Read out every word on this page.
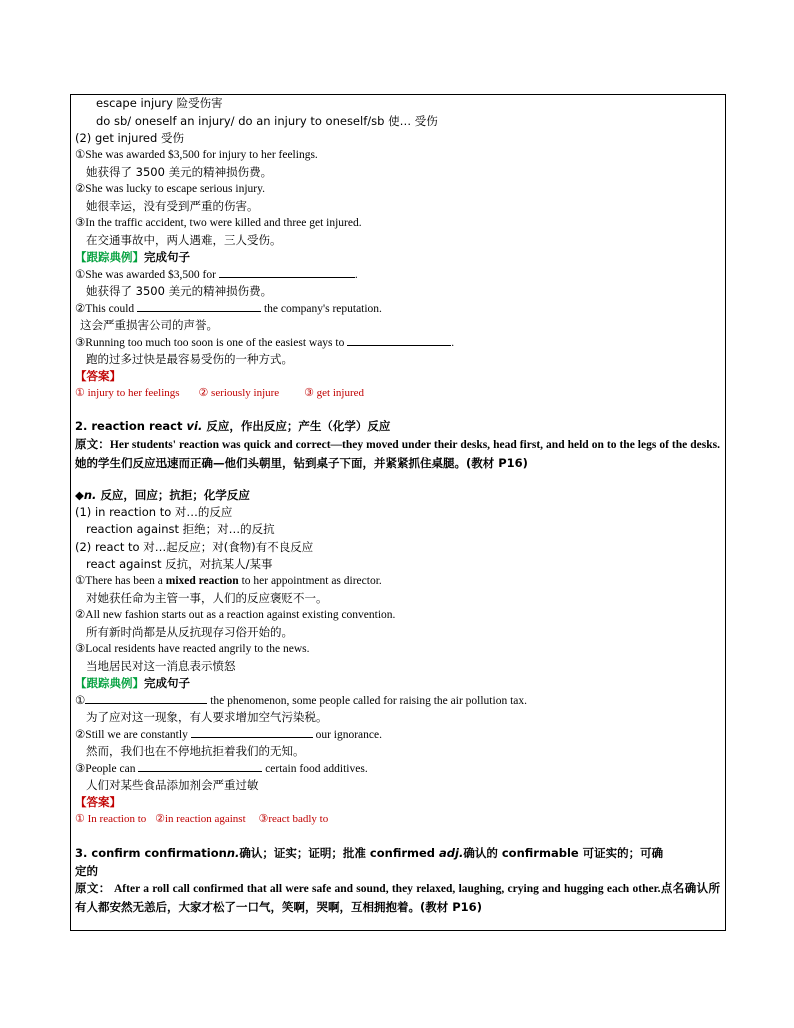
escape injury 险受伤害
do sb/ oneself an injury/ do an injury to oneself/sb 使… 受伤
(2) get injured 受伤
①She was awarded $3,500 for injury to her feelings.
她获得了 3500 美元的精神损伤费。
②She was lucky to escape serious injury.
她很幸运，没有受到严重的伤害。
③In the traffic accident, two were killed and three get injured.
在交通事故中，两人遇难，三人受伤。
【跟踪典例】完成句子
①She was awarded $3,500 for	.
她获得了 3500 美元的精神损伤费。
②This could	the company's reputation.
这会严重损害公司的声誉。
③Running too much too soon is one of the easiest ways to	.
跑的过多过快是最容易受伤的一种方式。
【答案】
① injury to her feelings ② seriously injure ③ get injured
2. reaction react vi. 反应，作出反应；产生（化学）反应
原文：Her students' reaction was quick and correct—they moved under their desks, head first, and held on to the legs of the desks.她的学生们反应迅速而正确—他们头朝里，钻到桌子下面，并紧紧抓住桌腿。(教材 P16)
◆n. 反应，回应；抗拒；化学反应
(1) in reaction to 对…的反应
reaction against 拒绝；对…的反抗
(2) react to 对…起反应；对(食物)有不良反应
react against 反抗，对抗某人/某事
①There has been a mixed reaction to her appointment as director.
对她获任命为主管一事，人们的反应褒贬不一。
②All new fashion starts out as a reaction against existing convention.
所有新时尚都是从反抗现存习俗开始的。
③Local residents have reacted angrily to the news.
当地居民对这一消息表示愤怒
【跟踪典例】完成句子
①	the phenomenon, some people called for raising the air pollution tax.
为了应对这一现象，有人要求增加空气污染税。
②Still we are constantly	our ignorance.
然而，我们也在不停地抗拒着我们的无知。
③People can	certain food additives.
人们对某些食品添加剂会严重过敏
【答案】
① In reaction to ②in reaction against ③react badly to
3. confirm confirmationn.确认；证实；证明；批准 confirmed adj.确认的 confirmable 可证实的；可确
定的
原文： After a roll call confirmed that all were safe and sound, they relaxed, laughing, crying and hugging each other.点名确认所有人都安然无恙后，大家才松了一口气，笑啊，哭啊，互相拥抱着。(教材 P16)
